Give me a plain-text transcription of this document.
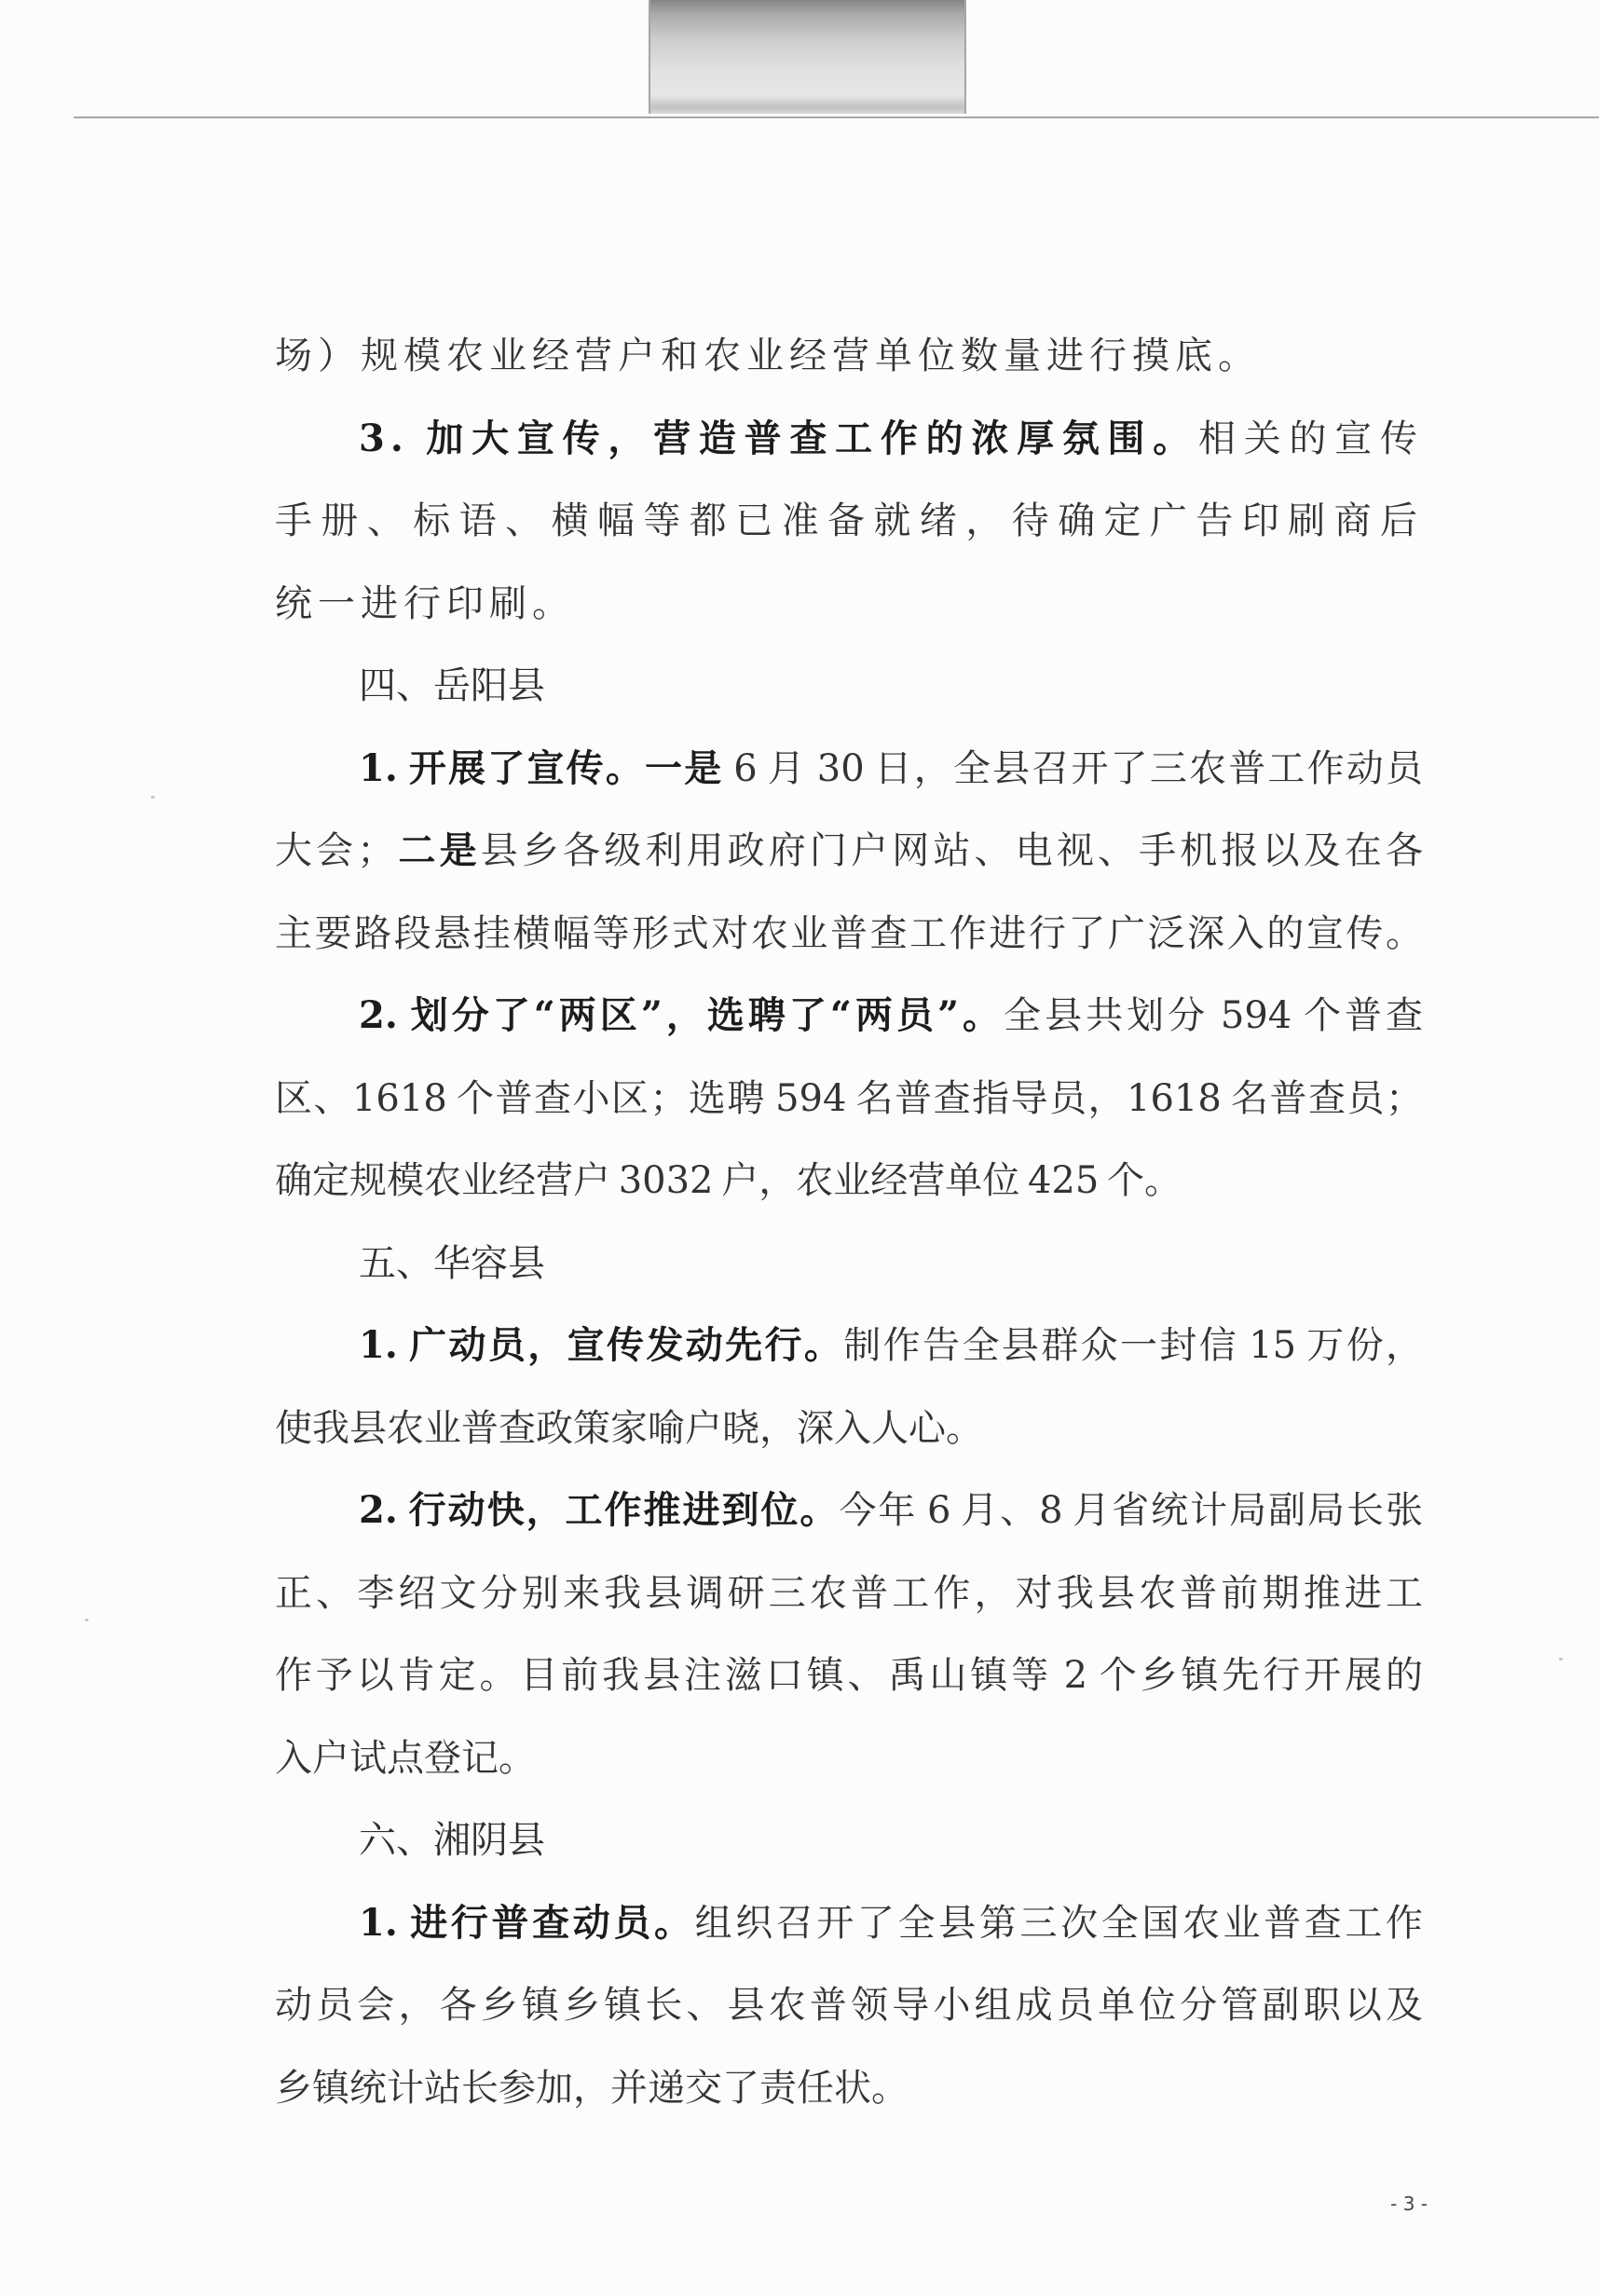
场）规模农业经营户和农业经营单位数量进行摸底。
3. 加大宣传，营造普查工作的浓厚氛围。相关的宣传
手册、标语、横幅等都已准备就绪，待确定广告印刷商后
统一进行印刷。
四、岳阳县
1. 开展了宣传。一是 6 月 30 日，全县召开了三农普工作动员
大会；二是县乡各级利用政府门户网站、电视、手机报以及在各
主要路段悬挂横幅等形式对农业普查工作进行了广泛深入的宣传。
2. 划分了“两区”，选聘了“两员”。全县共划分 594 个普查
区、1618 个普查小区；选聘 594 名普查指导员，1618 名普查员；
确定规模农业经营户 3032 户，农业经营单位 425 个。
五、华容县
1. 广动员，宣传发动先行。制作告全县群众一封信 15 万份，
使我县农业普查政策家喻户晓，深入人心。
2. 行动快，工作推进到位。今年 6 月、8 月省统计局副局长张
正、李绍文分别来我县调研三农普工作，对我县农普前期推进工
作予以肯定。目前我县注滋口镇、禹山镇等 2 个乡镇先行开展的
入户试点登记。
六、湘阴县
1. 进行普查动员。组织召开了全县第三次全国农业普查工作
动员会，各乡镇乡镇长、县农普领导小组成员单位分管副职以及
乡镇统计站长参加，并递交了责任状。
- 3 -
